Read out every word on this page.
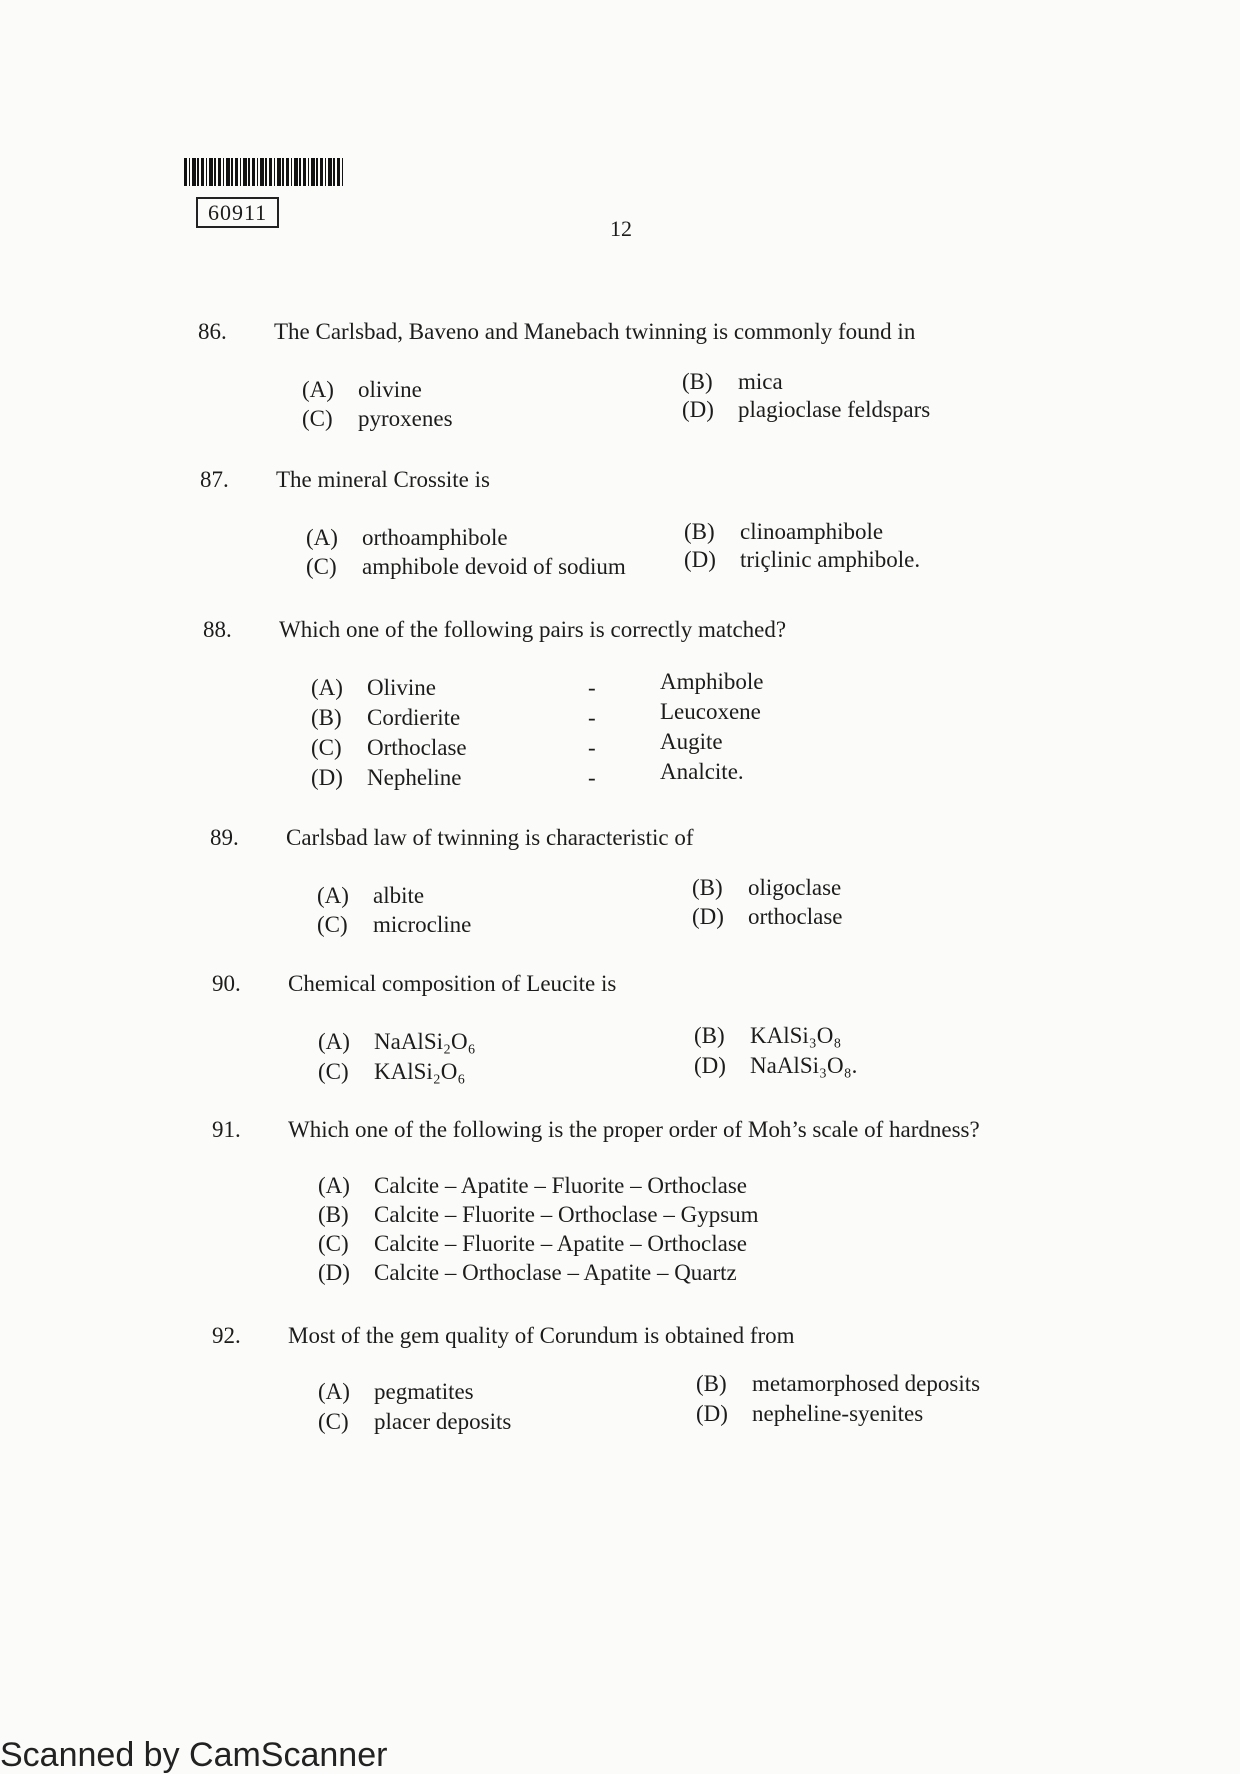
60911
12
86. The Carlsbad, Baveno and Manebach twinning is commonly found in
(A) olivine	(B) mica
(C) pyroxenes	(D) plagioclase feldspars
87. The mineral Crossite is
(A) orthoamphibole	(B) clinoamphibole
(C) amphibole devoid of sodium	(D) triçlinic amphibole.
88. Which one of the following pairs is correctly matched?
(A) Olivine	-	Amphibole
(B) Cordierite	-	Leucoxene
(C) Orthoclase	-	Augite
(D) Nepheline	-	Analcite.
89. Carlsbad law of twinning is characteristic of
(A) albite	(B) oligoclase
(C) microcline	(D) orthoclase
90. Chemical composition of Leucite is
(A) NaAlSi₂O₆	(B) KAlSi₃O₈
(C) KAlSi₂O₆	(D) NaAlSi₃O₈.
91. Which one of the following is the proper order of Moh’s scale of hardness?
(A) Calcite – Apatite – Fluorite – Orthoclase
(B) Calcite – Fluorite – Orthoclase – Gypsum
(C) Calcite – Fluorite – Apatite – Orthoclase
(D) Calcite – Orthoclase – Apatite – Quartz
92. Most of the gem quality of Corundum is obtained from
(A) pegmatites	(B) metamorphosed deposits
(C) placer deposits	(D) nepheline-syenites
Scanned by CamScanner
